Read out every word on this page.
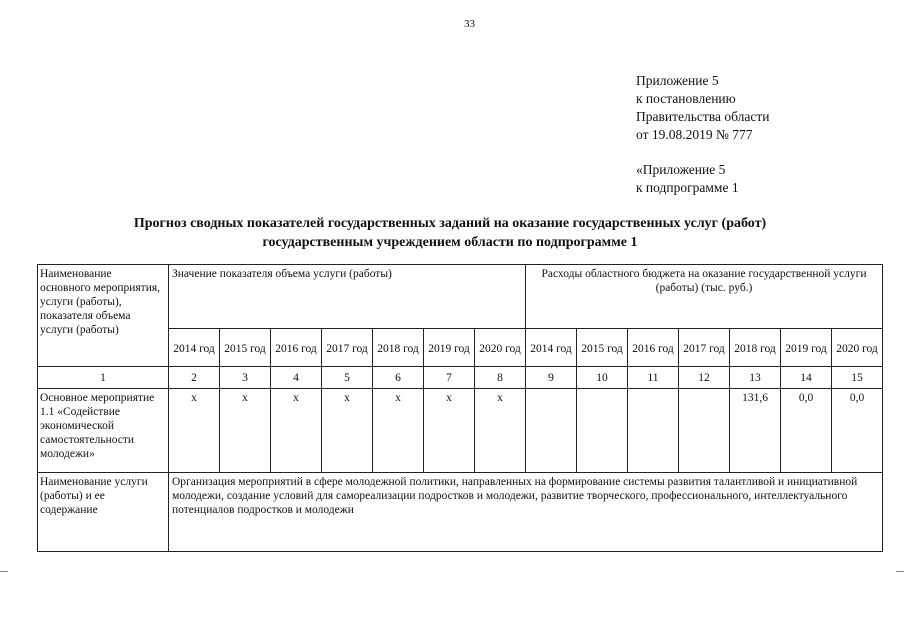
33
Приложение 5
к постановлению
Правительства области
от 19.08.2019 № 777
«Приложение 5
к подпрограмме 1
Прогноз сводных показателей государственных заданий на оказание государственных услуг (работ)
государственным учреждением области по подпрограмме 1
Наименование основного мероприятия, услуги (работы), показателя объема услуги (работы)	Значение показателя объема услуги (работы)							Расходы областного бюджета на оказание государственной услуги (работы) (тыс. руб.)						
	2014 год	2015 год	2016 год	2017 год	2018 год	2019 год	2020 год	2014 год	2015 год	2016 год	2017 год	2018 год	2019 год	2020 год
1	2	3	4	5	6	7	8	9	10	11	12	13	14	15
Основное мероприятие 1.1 «Содействие экономической самостоятельности молодежи»	х	х	х	х	х	х	х					131,6	0,0	0,0
Наименование услуги (работы) и ее содержание	Организация мероприятий в сфере молодежной политики, направленных на формирование системы развития талантливой и инициативной молодежи, создание условий для самореализации подростков и молодежи, развитие творческого, профессионального, интеллектуального потенциалов подростков и молодежи													
